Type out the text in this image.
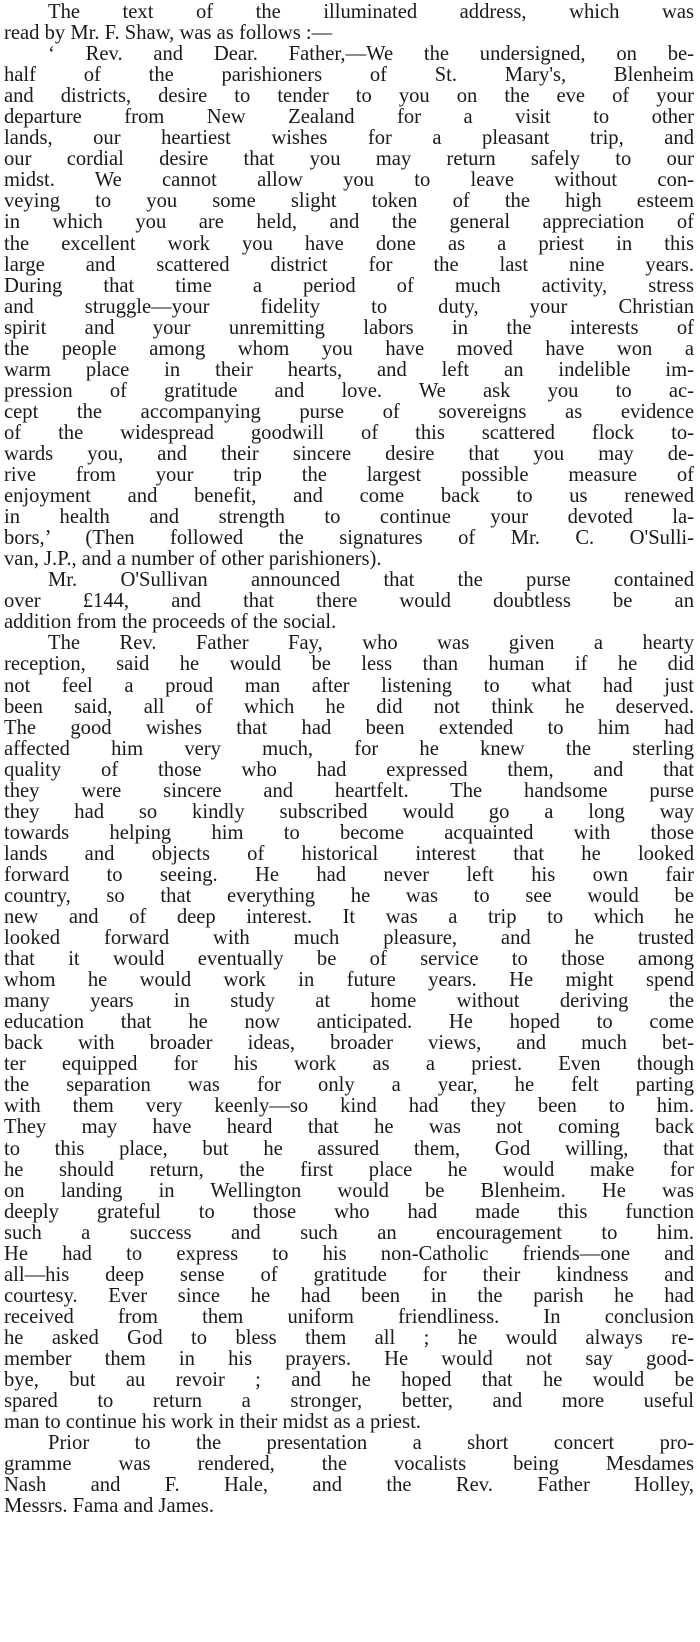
The text of the illuminated address, which was
read by Mr. F. Shaw, was as follows :—
‘ Rev. and Dear. Father,—We the undersigned, on be-
half of the parishioners of St. Mary's, Blenheim
and districts, desire to tender to you on the eve of your
departure from New Zealand for a visit to other
lands, our heartiest wishes for a pleasant trip, and
our cordial desire that you may return safely to our
midst. We cannot allow you to leave without con-
veying to you some slight token of the high esteem
in which you are held, and the general appreciation of
the excellent work you have done as a priest in this
large and scattered district for the last nine years.
During that time a period of much activity, stress
and struggle—your fidelity to duty, your Christian
spirit and your unremitting labors in the interests of
the people among whom you have moved have won a
warm place in their hearts, and left an indelible im-
pression of gratitude and love. We ask you to ac-
cept the accompanying purse of sovereigns as evidence
of the widespread goodwill of this scattered flock to-
wards you, and their sincere desire that you may de-
rive from your trip the largest possible measure of
enjoyment and benefit, and come back to us renewed
in health and strength to continue your devoted la-
bors,’ (Then followed the signatures of Mr. C. O'Sulli-
van, J.P., and a number of other parishioners).
Mr. O'Sullivan announced that the purse contained
over £144, and that there would doubtless be an
addition from the proceeds of the social.
The Rev. Father Fay, who was given a hearty
reception, said he would be less than human if he did
not feel a proud man after listening to what had just
been said, all of which he did not think he deserved.
The good wishes that had been extended to him had
affected him very much, for he knew the sterling
quality of those who had expressed them, and that
they were sincere and heartfelt. The handsome purse
they had so kindly subscribed would go a long way
towards helping him to become acquainted with those
lands and objects of historical interest that he looked
forward to seeing. He had never left his own fair
country, so that everything he was to see would be
new and of deep interest. It was a trip to which he
looked forward with much pleasure, and he trusted
that it would eventually be of service to those among
whom he would work in future years. He might spend
many years in study at home without deriving the
education that he now anticipated. He hoped to come
back with broader ideas, broader views, and much bet-
ter equipped for his work as a priest. Even though
the separation was for only a year, he felt parting
with them very keenly—so kind had they been to him.
They may have heard that he was not coming back
to this place, but he assured them, God willing, that
he should return, the first place he would make for
on landing in Wellington would be Blenheim. He was
deeply grateful to those who had made this function
such a success and such an encouragement to him.
He had to express to his non-Catholic friends—one and
all—his deep sense of gratitude for their kindness and
courtesy. Ever since he had been in the parish he had
received from them uniform friendliness. In conclusion
he asked God to bless them all ; he would always re-
member them in his prayers. He would not say good-
bye, but au revoir ; and he hoped that he would be
spared to return a stronger, better, and more useful
man to continue his work in their midst as a priest.
Prior to the presentation a short concert pro-
gramme was rendered, the vocalists being Mesdames
Nash and F. Hale, and the Rev. Father Holley,
Messrs. Fama and James.
